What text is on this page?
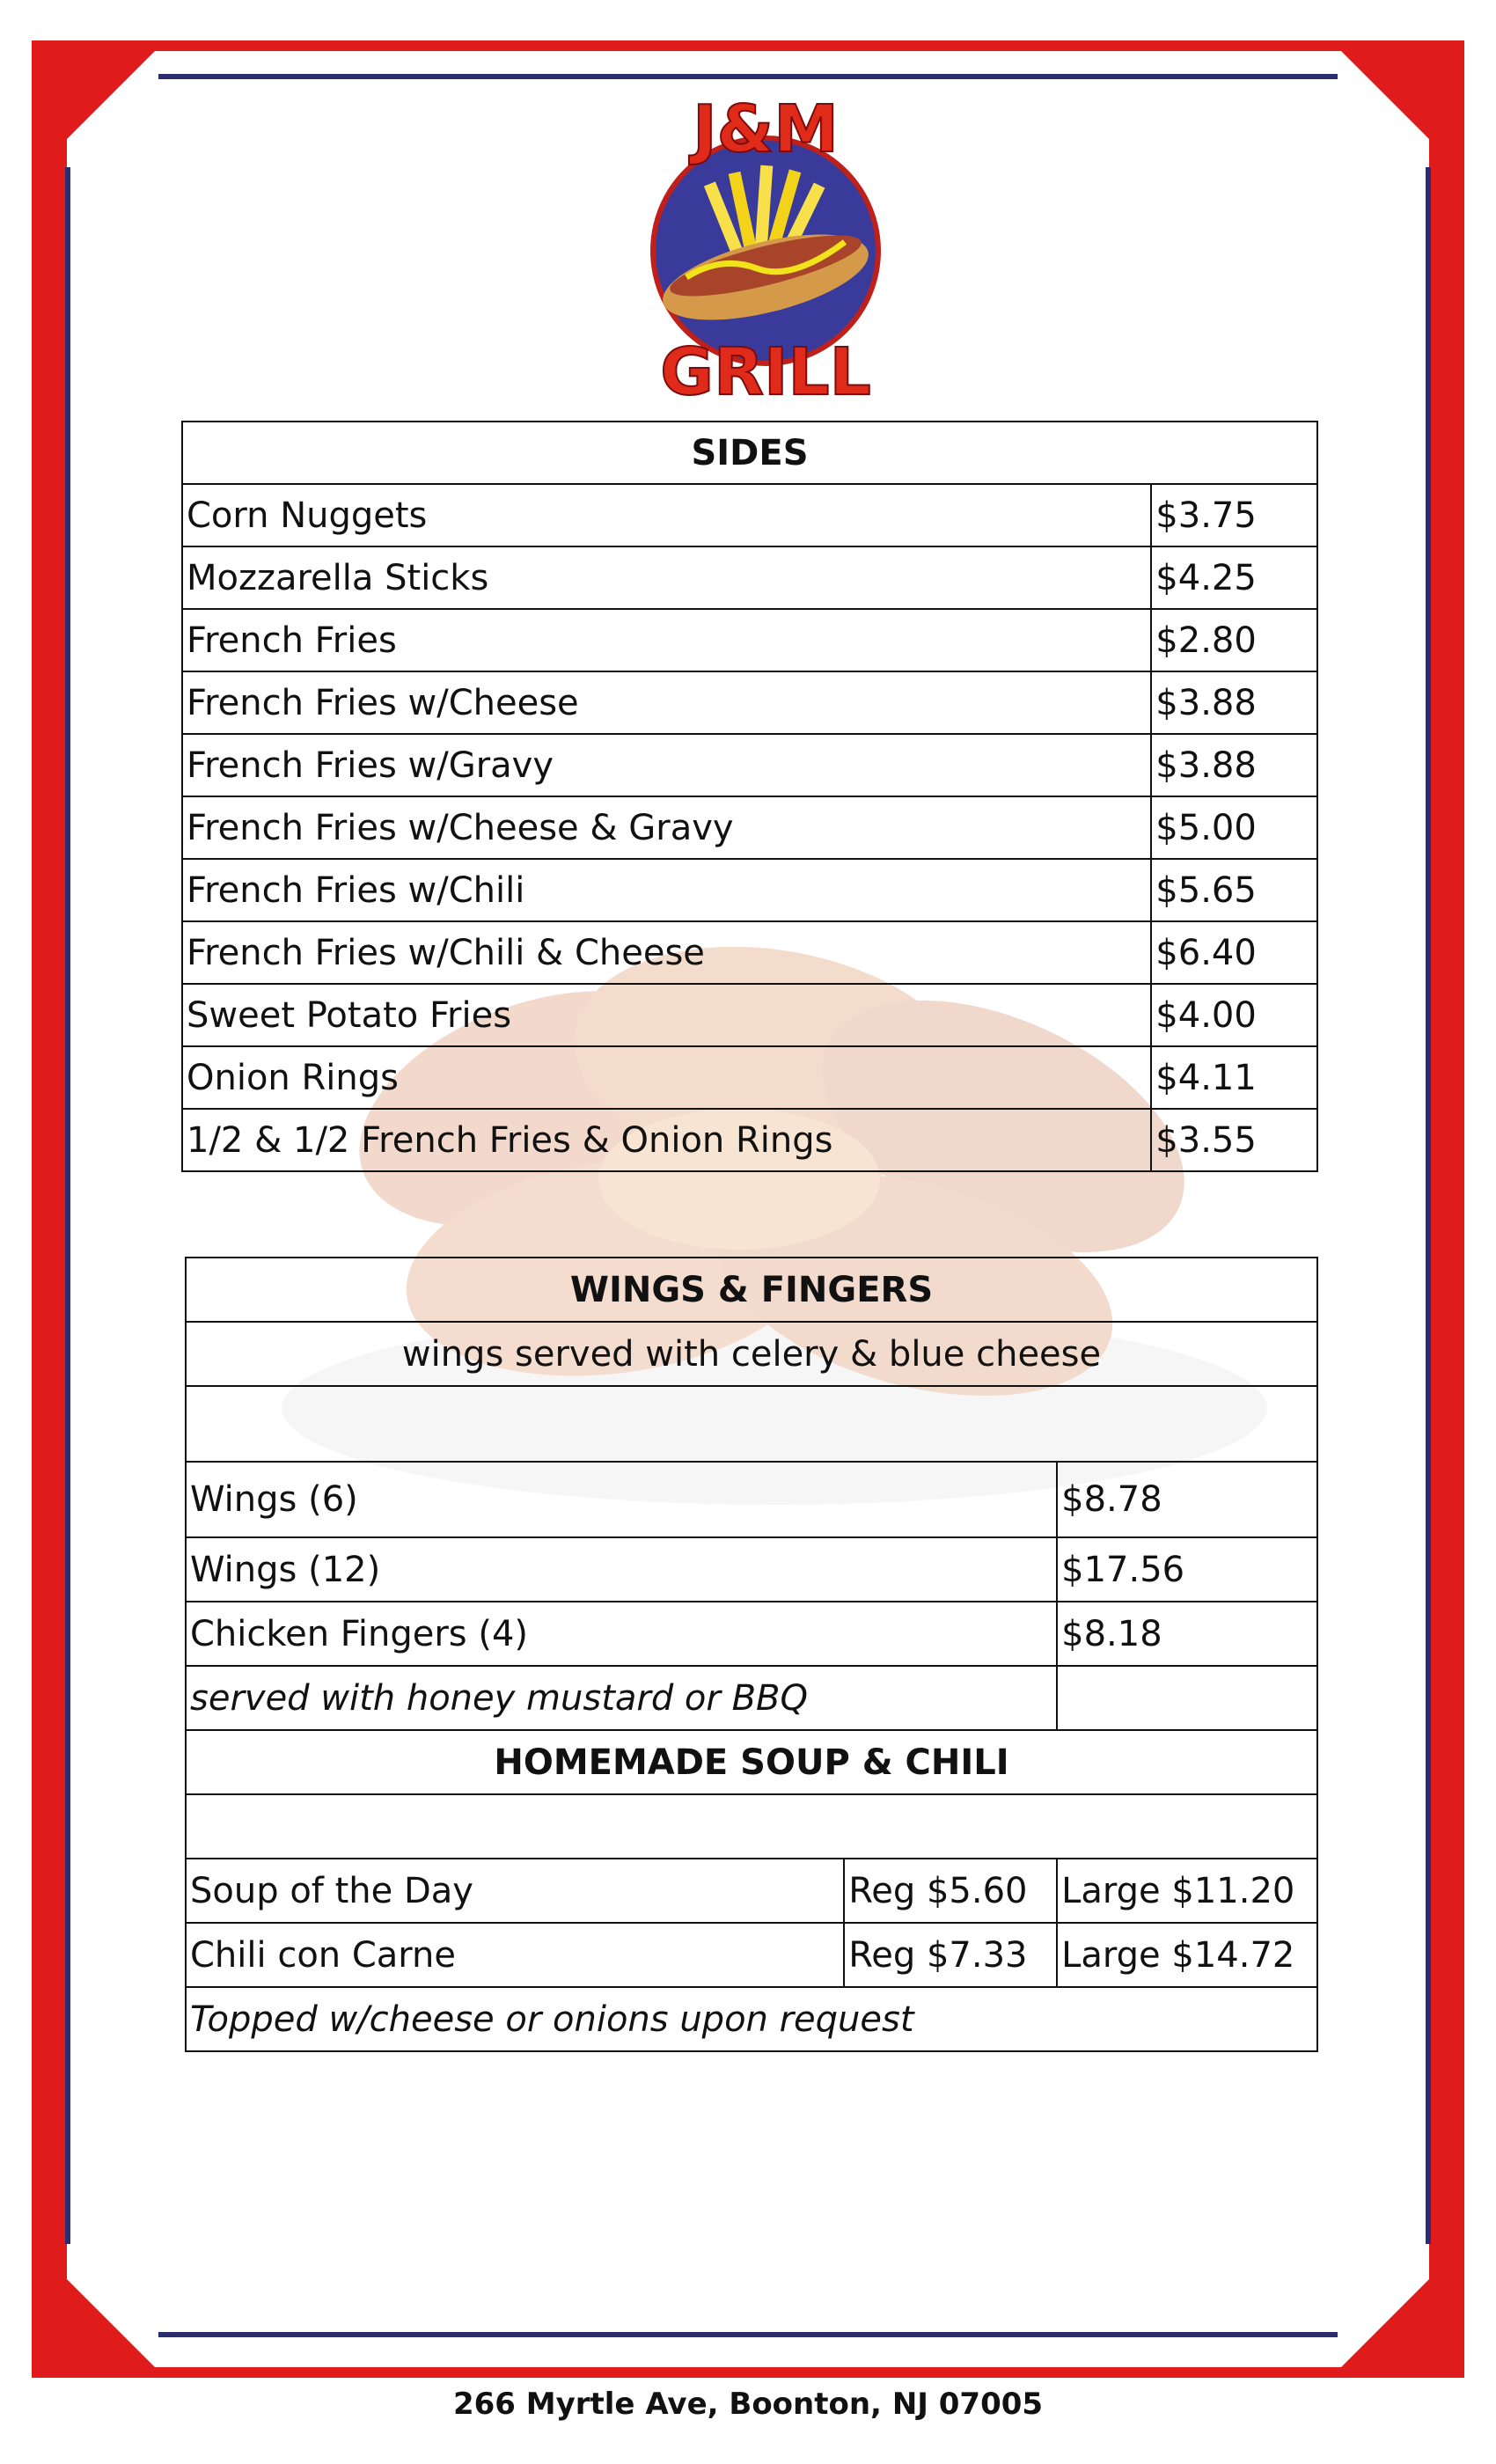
J&M
GRILL
SIDES	
Corn Nuggets	$3.75
Mozzarella Sticks	$4.25
French Fries	$2.80
French Fries w/Cheese	$3.88
French Fries w/Gravy	$3.88
French Fries w/Cheese & Gravy	$5.00
French Fries w/Chili	$5.65
French Fries w/Chili & Cheese	$6.40
Sweet Potato Fries	$4.00
Onion Rings	$4.11
1/2 & 1/2 French Fries & Onion Rings	$3.55
WINGS & FINGERS		
wings served with celery & blue cheese		

Wings (6)		$8.78
Wings (12)		$17.56
Chicken Fingers (4)		$8.18
served with honey mustard or BBQ		
HOMEMADE SOUP & CHILI		

Soup of the Day	Reg $5.60	Large $11.20
Chili con Carne	Reg $7.33	Large $14.72
Topped w/cheese or onions upon request		
266 Myrtle Ave, Boonton, NJ 07005
